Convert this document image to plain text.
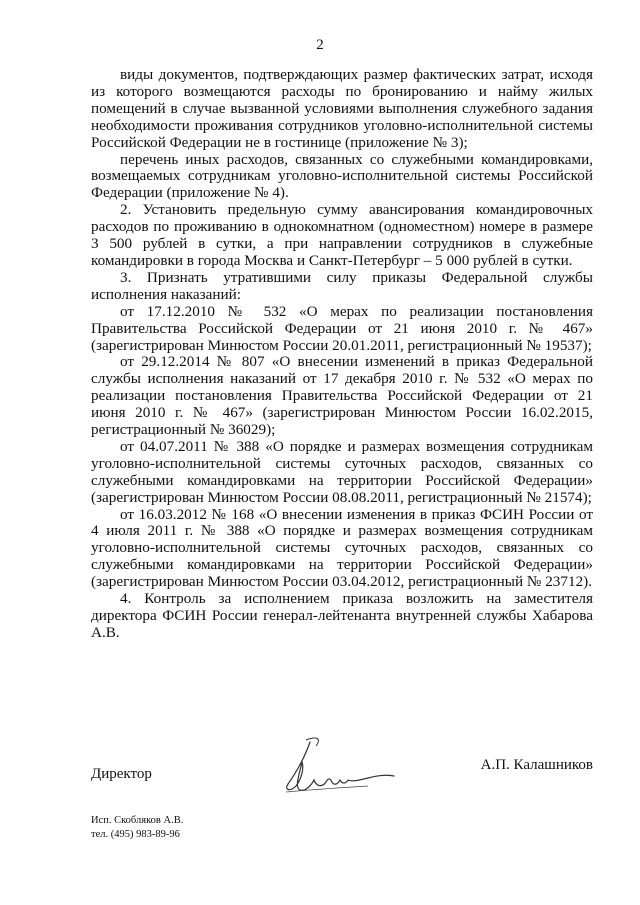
2

виды документов, подтверждающих размер фактических затрат, исходя из которого возмещаются расходы по бронированию и найму жилых помещений в случае вызванной условиями выполнения служебного задания необходимости проживания сотрудников уголовно-исполнительной системы Российской Федерации не в гостинице (приложение № 3);

перечень иных расходов, связанных со служебными командировками, возмещаемых сотрудникам уголовно-исполнительной системы Российской Федерации (приложение № 4).

2. Установить предельную сумму авансирования командировочных расходов по проживанию в однокомнатном (одноместном) номере в размере 3 500 рублей в сутки, а при направлении сотрудников в служебные командировки в города Москва и Санкт-Петербург – 5 000 рублей в сутки.

3. Признать утратившими силу приказы Федеральной службы исполнения наказаний:

от 17.12.2010 № 532 «О мерах по реализации постановления Правительства Российской Федерации от 21 июня 2010 г. № 467» (зарегистрирован Минюстом России 20.01.2011, регистрационный № 19537);

от 29.12.2014 № 807 «О внесении изменений в приказ Федеральной службы исполнения наказаний от 17 декабря 2010 г. № 532 «О мерах по реализации постановления Правительства Российской Федерации от 21 июня 2010 г. № 467» (зарегистрирован Минюстом России 16.02.2015, регистрационный № 36029);

от 04.07.2011 № 388 «О порядке и размерах возмещения сотрудникам уголовно-исполнительной системы суточных расходов, связанных со служебными командировками на территории Российской Федерации» (зарегистрирован Минюстом России 08.08.2011, регистрационный № 21574);

от 16.03.2012 № 168 «О внесении изменения в приказ ФСИН России от 4 июля 2011 г. № 388 «О порядке и размерах возмещения сотрудникам уголовно-исполнительной системы суточных расходов, связанных со служебными командировками на территории Российской Федерации» (зарегистрирован Минюстом России 03.04.2012, регистрационный № 23712).

4. Контроль за исполнением приказа возложить на заместителя директора ФСИН России генерал-лейтенанта внутренней службы Хабарова А.В.

Директор
А.П. Калашников
Исп. Скобляков А.В.
тел. (495) 983-89-96
